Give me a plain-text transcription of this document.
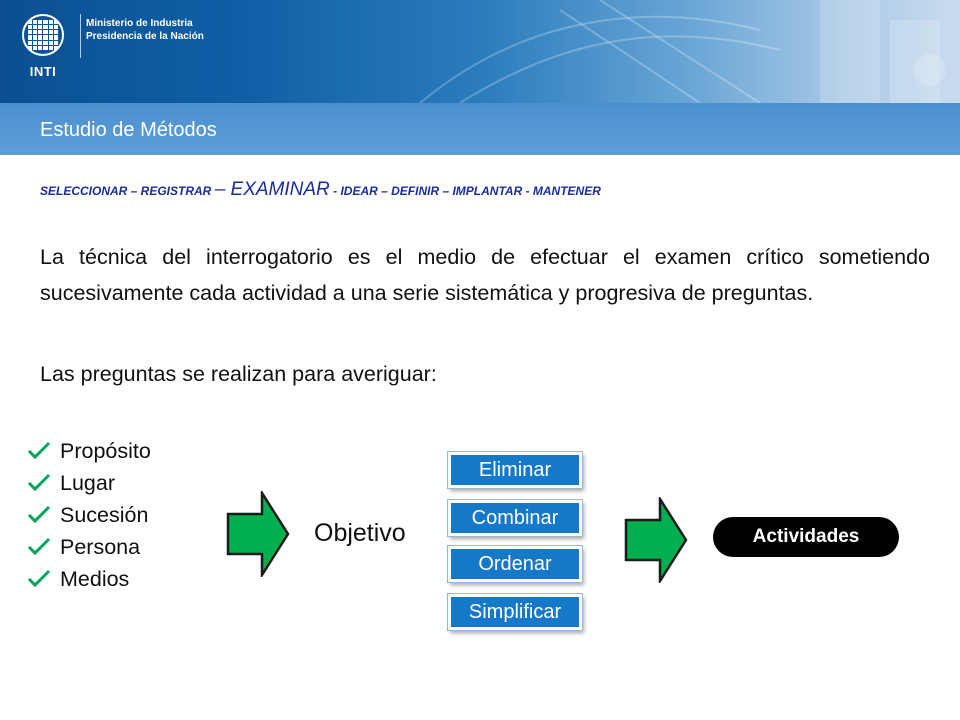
INTI
Ministerio de Industria
Presidencia de la Nación
Estudio de Métodos
SELECCIONAR – REGISTRAR – EXAMINAR - IDEAR – DEFINIR – IMPLANTAR - MANTENER
La técnica del interrogatorio es el medio de efectuar el examen crítico sometiendo sucesivamente cada actividad a una serie sistemática y progresiva de preguntas.
Las preguntas se realizan para averiguar:
Propósito
Lugar
Sucesión
Persona
Medios
Objetivo
Eliminar
Combinar
Ordenar
Simplificar
Actividades
